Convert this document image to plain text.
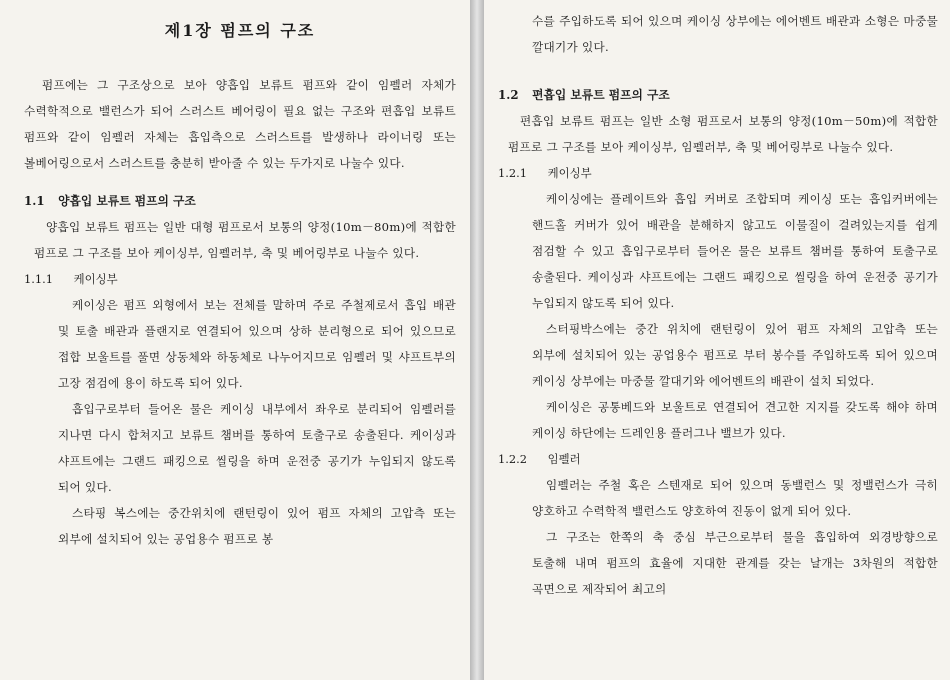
제1장 펌프의 구조

펌프에는 그 구조상으로 보아 양흡입 보류트 펌프와 같이 임펠러 자체가 수력학적으로 밸런스가 되어 스러스트 베어링이 필요 없는 구조와 편흡입 보류트 펌프와 같이 임펠러 자체는 흡입측으로 스러스트를 발생하나 라이너링 또는 볼베어링으로서 스러스트를 충분히 받아줄 수 있는 두가지로 나눌수 있다.

1.1 양흡입 보류트 펌프의 구조

양흡입 보류트 펌프는 일반 대형 펌프로서 보통의 양정(10m－80m)에 적합한 펌프로 그 구조를 보아 케이싱부, 임펠러부, 축 및 베어링부로 나눌수 있다.

1.1.1 케이싱부

케이싱은 펌프 외형에서 보는 전체를 말하며 주로 주철제로서 흡입 배관 및 토출 배관과 플랜지로 연결되어 있으며 상하 분리형으로 되어 있으므로 접합 보울트를 풀면 상동체와 하동체로 나누어지므로 임펠러 및 샤프트부의 고장 점검에 용이 하도록 되어 있다.

흡입구로부터 들어온 물은 케이싱 내부에서 좌우로 분리되어 임펠러를 지나면 다시 합쳐지고 보류트 챔버를 통하여 토출구로 송출된다. 케이싱과 샤프트에는 그랜드 패킹으로 씰링을 하며 운전중 공기가 누입되지 않도록 되어 있다.

스타핑 복스에는 중간위치에 랜턴링이 있어 펌프 자체의 고압측 또는 외부에 설치되어 있는 공업용수 펌프로 봉

수를 주입하도록 되어 있으며 케이싱 상부에는 에어벤트 배관과 소형은 마중물 깔대기가 있다.

1.2 편흡입 보류트 펌프의 구조

편흡입 보류트 펌프는 일반 소형 펌프로서 보통의 양정(10m－50m)에 적합한 펌프로 그 구조를 보아 케이싱부, 임펠러부, 축 및 베어링부로 나눌수 있다.

1.2.1 케이싱부

케이싱에는 플레이트와 흡입 커버로 조합되며 케이싱 또는 흡입커버에는 핸드홀 커버가 있어 배관을 분해하지 않고도 이물질이 걸려있는지를 쉽게 점검할 수 있고 흡입구로부터 들어온 물은 보류트 챔버를 통하여 토출구로 송출된다. 케이싱과 샤프트에는 그랜드 패킹으로 씰링을 하여 운전중 공기가 누입되지 않도록 되어 있다.

스터핑박스에는 중간 위치에 랜턴링이 있어 펌프 자체의 고압측 또는 외부에 설치되어 있는 공업용수 펌프로 부터 봉수를 주입하도록 되어 있으며 케이싱 상부에는 마중물 깔대기와 에어벤트의 배관이 설치 되었다.

케이싱은 공통베드와 보울트로 연결되어 견고한 지지를 갖도록 해야 하며 케이싱 하단에는 드레인용 플러그나 밸브가 있다.

1.2.2 임펠러

임펠러는 주철 혹은 스텐재로 되어 있으며 동밸런스 및 정밸런스가 극히 양호하고 수력학적 밸런스도 양호하여 진동이 없게 되어 있다.

그 구조는 한쪽의 축 중심 부근으로부터 물을 흡입하여 외경방향으로 토출해 내며 펌프의 효율에 지대한 관계를 갖는 날개는 3차원의 적합한 곡면으로 제작되어 최고의
